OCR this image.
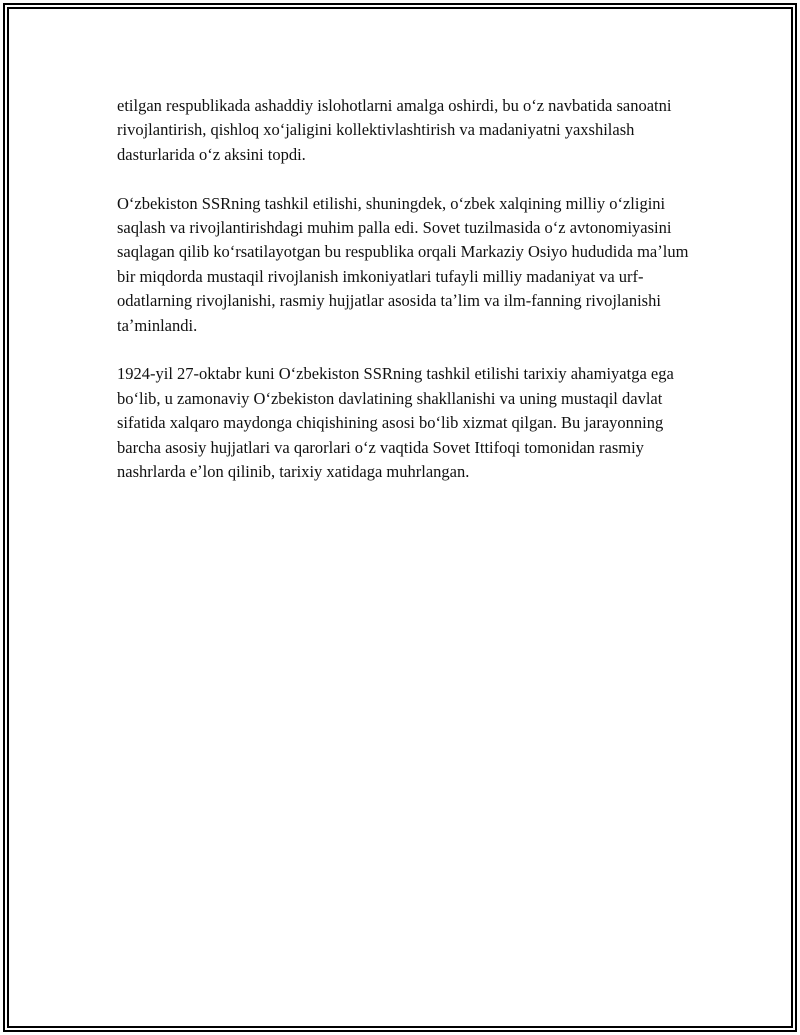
etilgan respublikada ashaddiy islohotlarni amalga oshirdi, bu oʻz navbatida sanoatni rivojlantirish, qishloq xoʻjaligini kollektivlashtirish va madaniyatni yaxshilash dasturlarida oʻz aksini topdi.

Oʻzbekiston SSRning tashkil etilishi, shuningdek, oʻzbek xalqining milliy oʻzligini saqlash va rivojlantirishdagi muhim palla edi. Sovet tuzilmasida oʻz avtonomiyasini saqlagan qilib koʻrsatilayotgan bu respublika orqali Markaziy Osiyo hududida maʼlum bir miqdorda mustaqil rivojlanish imkoniyatlari tufayli milliy madaniyat va urf-odatlarning rivojlanishi, rasmiy hujjatlar asosida taʼlim va ilm-fanning rivojlanishi taʼminlandi.

1924-yil 27-oktabr kuni Oʻzbekiston SSRning tashkil etilishi tarixiy ahamiyatga ega boʻlib, u zamonaviy Oʻzbekiston davlatining shakllanishi va uning mustaqil davlat sifatida xalqaro maydonga chiqishining asosi boʻlib xizmat qilgan. Bu jarayonning barcha asosiy hujjatlari va qarorlari oʻz vaqtida Sovet Ittifoqi tomonidan rasmiy nashrlarda eʼlon qilinib, tarixiy xatidaga muhrlangan.
